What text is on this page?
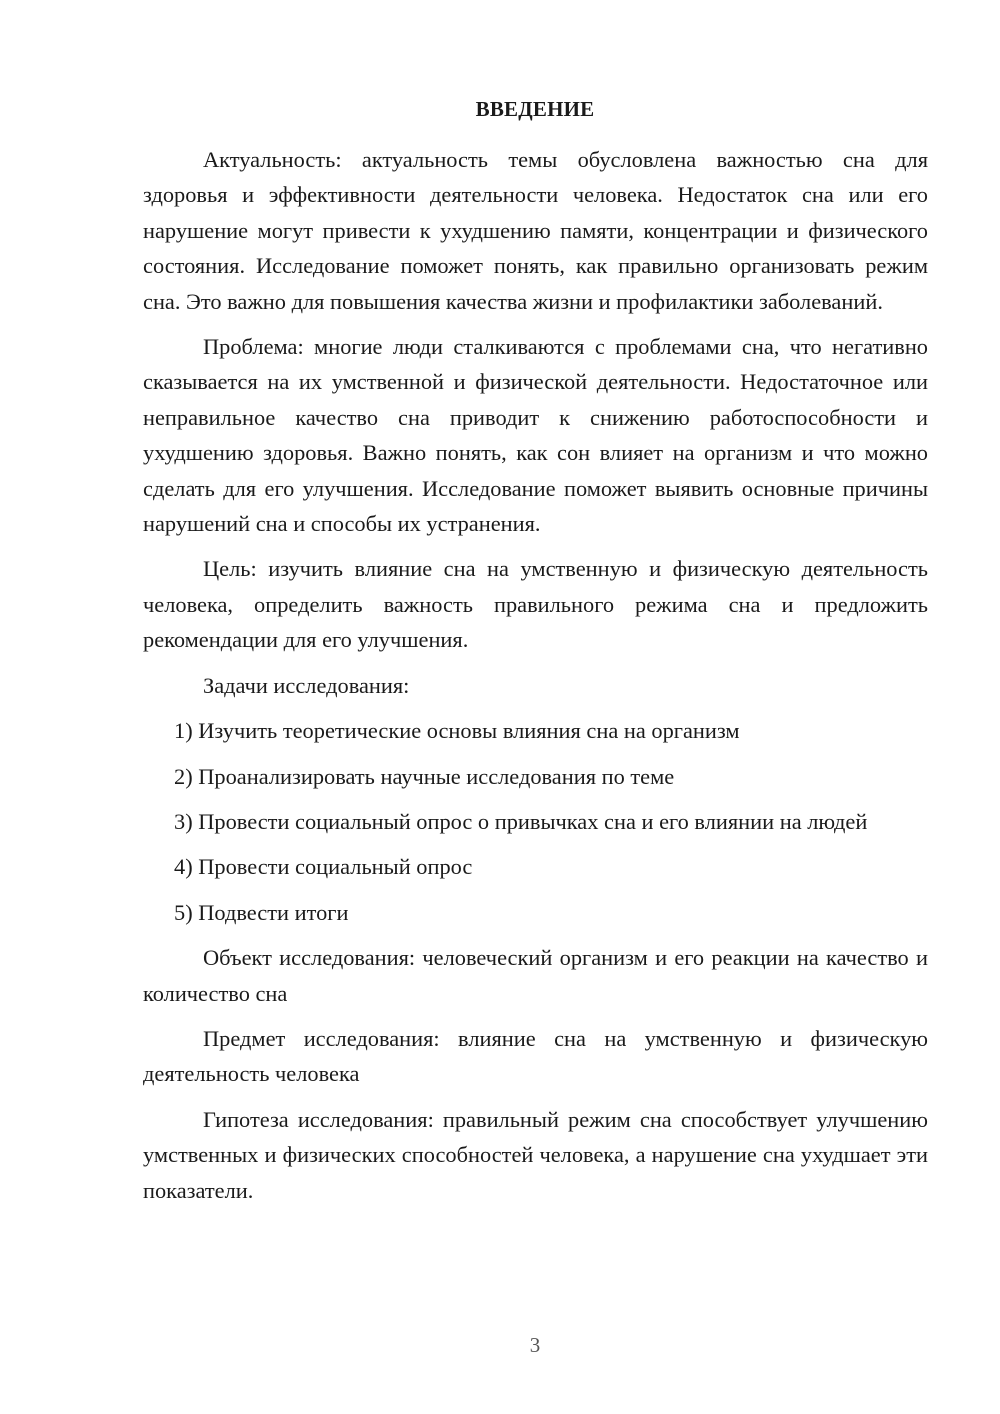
ВВЕДЕНИЕ

Актуальность: актуальность темы обусловлена важностью сна для здоровья и эффективности деятельности человека. Недостаток сна или его нарушение могут привести к ухудшению памяти, концентрации и физического состояния. Исследование поможет понять, как правильно организовать режим сна. Это важно для повышения качества жизни и профилактики заболеваний.

Проблема: многие люди сталкиваются с проблемами сна, что негативно сказывается на их умственной и физической деятельности. Недостаточное или неправильное качество сна приводит к снижению работоспособности и ухудшению здоровья. Важно понять, как сон влияет на организм и что можно сделать для его улучшения. Исследование поможет выявить основные причины нарушений сна и способы их устранения.

Цель: изучить влияние сна на умственную и физическую деятельность человека, определить важность правильного режима сна и предложить рекомендации для его улучшения.

Задачи исследования:

1) Изучить теоретические основы влияния сна на организм

2) Проанализировать научные исследования по теме

3) Провести социальный опрос о привычках сна и его влиянии на людей

4) Провести социальный опрос

5) Подвести итоги

Объект исследования: человеческий организм и его реакции на качество и количество сна

Предмет исследования: влияние сна на умственную и физическую деятельность человека

Гипотеза исследования: правильный режим сна способствует улучшению умственных и физических способностей человека, а нарушение сна ухудшает эти показатели.

3
